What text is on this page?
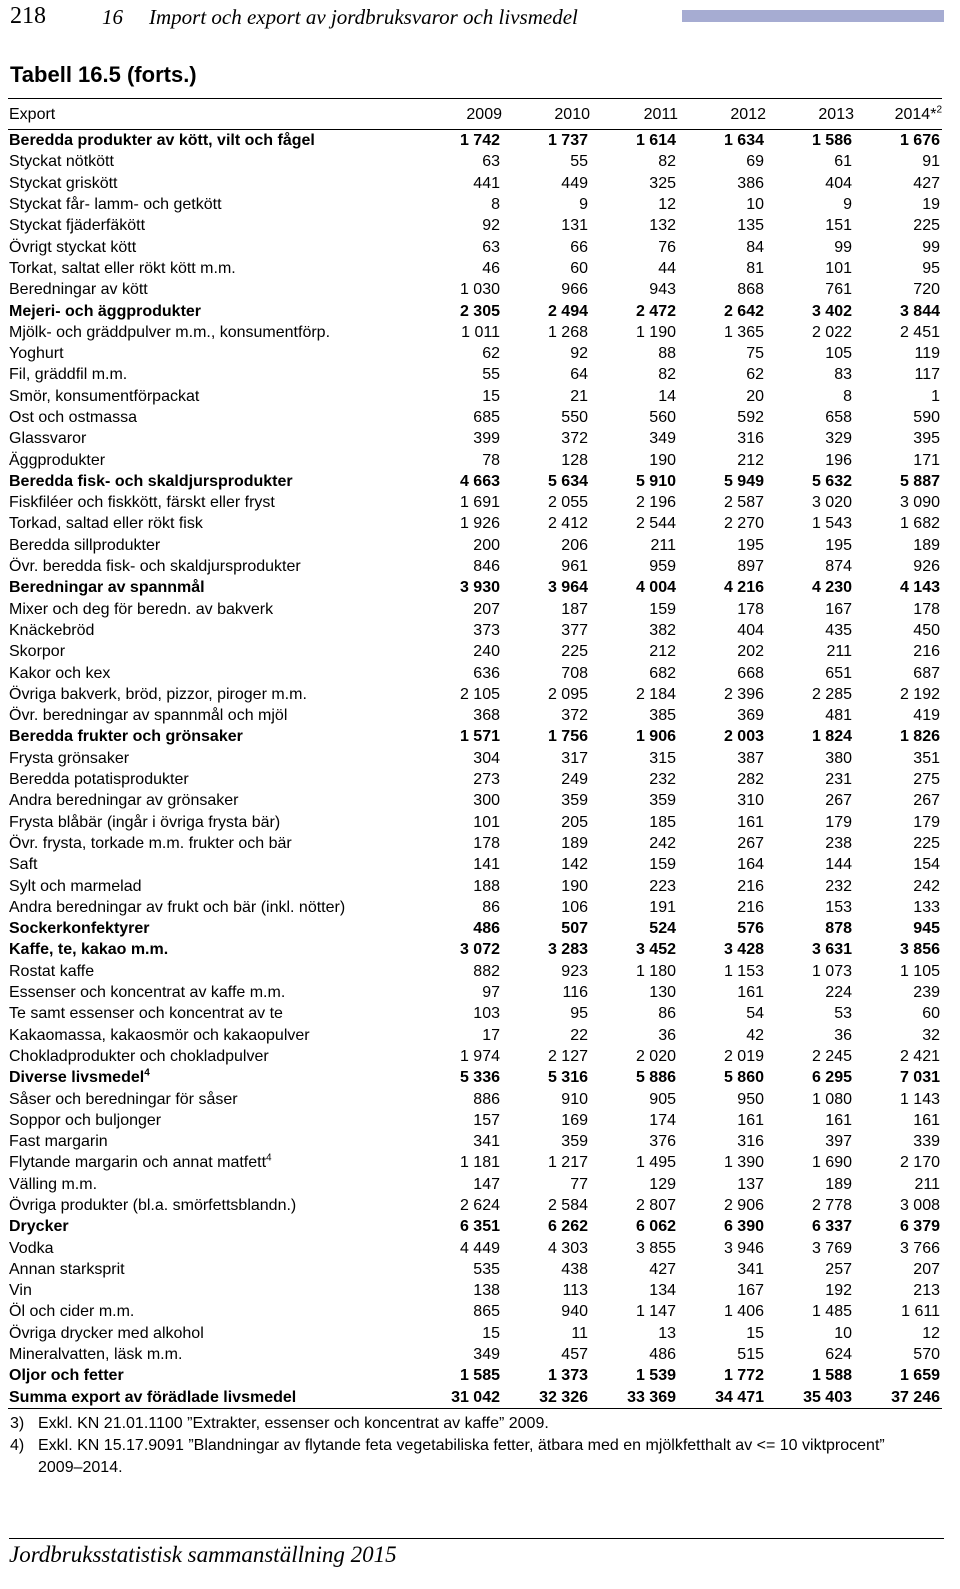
218	16 Import och export av jordbruksvaror och livsmedel
Tabell 16.5 (forts.)
Export	2009	2010	2011	2012	2013	2014*$^2$
Beredda produkter av kött, vilt och fågel	1 742	1 737	1 614	1 634	1 586	1 676
Styckat nötkött	63	55	82	69	61	91
Styckat griskött	441	449	325	386	404	427
Styckat får- lamm- och getkött	8	9	12	10	9	19
Styckat fjäderfäkött	92	131	132	135	151	225
Övrigt styckat kött	63	66	76	84	99	99
Torkat, saltat eller rökt kött m.m.	46	60	44	81	101	95
Beredningar av kött	1 030	966	943	868	761	720
Mejeri- och äggprodukter	2 305	2 494	2 472	2 642	3 402	3 844
Mjölk- och gräddpulver m.m., konsumentförp.	1 011	1 268	1 190	1 365	2 022	2 451
Yoghurt	62	92	88	75	105	119
Fil, gräddfil m.m.	55	64	82	62	83	117
Smör, konsumentförpackat	15	21	14	20	8	1
Ost och ostmassa	685	550	560	592	658	590
Glassvaror	399	372	349	316	329	395
Äggprodukter	78	128	190	212	196	171
Beredda fisk- och skaldjursprodukter	4 663	5 634	5 910	5 949	5 632	5 887
Fiskfiléer och fiskkött, färskt eller fryst	1 691	2 055	2 196	2 587	3 020	3 090
Torkad, saltad eller rökt fisk	1 926	2 412	2 544	2 270	1 543	1 682
Beredda sillprodukter	200	206	211	195	195	189
Övr. beredda fisk- och skaldjursprodukter	846	961	959	897	874	926
Beredningar av spannmål	3 930	3 964	4 004	4 216	4 230	4 143
Mixer och deg för beredn. av bakverk	207	187	159	178	167	178
Knäckebröd	373	377	382	404	435	450
Skorpor	240	225	212	202	211	216
Kakor och kex	636	708	682	668	651	687
Övriga bakverk, bröd, pizzor, piroger m.m.	2 105	2 095	2 184	2 396	2 285	2 192
Övr. beredningar av spannmål och mjöl	368	372	385	369	481	419
Beredda frukter och grönsaker	1 571	1 756	1 906	2 003	1 824	1 826
Frysta grönsaker	304	317	315	387	380	351
Beredda potatisprodukter	273	249	232	282	231	275
Andra beredningar av grönsaker	300	359	359	310	267	267
Frysta blåbär (ingår i övriga frysta bär)	101	205	185	161	179	179
Övr. frysta, torkade m.m. frukter och bär	178	189	242	267	238	225
Saft	141	142	159	164	144	154
Sylt och marmelad	188	190	223	216	232	242
Andra beredningar av frukt och bär (inkl. nötter)	86	106	191	216	153	133
Sockerkonfektyrer	486	507	524	576	878	945
Kaffe, te, kakao m.m.	3 072	3 283	3 452	3 428	3 631	3 856
Rostat kaffe	882	923	1 180	1 153	1 073	1 105
Essenser och koncentrat av kaffe m.m.	97	116	130	161	224	239
Te samt essenser och koncentrat av te	103	95	86	54	53	60
Kakaomassa, kakaosmör och kakaopulver	17	22	36	42	36	32
Chokladprodukter och chokladpulver	1 974	2 127	2 020	2 019	2 245	2 421
Diverse livsmedel$^4$	5 336	5 316	5 886	5 860	6 295	7 031
Såser och beredningar för såser	886	910	905	950	1 080	1 143
Soppor och buljonger	157	169	174	161	161	161
Fast margarin	341	359	376	316	397	339
Flytande margarin och annat matfett$^4$	1 181	1 217	1 495	1 390	1 690	2 170
Välling m.m.	147	77	129	137	189	211
Övriga produkter (bl.a. smörfettsblandn.)	2 624	2 584	2 807	2 906	2 778	3 008
Drycker	6 351	6 262	6 062	6 390	6 337	6 379
Vodka	4 449	4 303	3 855	3 946	3 769	3 766
Annan starksprit	535	438	427	341	257	207
Vin	138	113	134	167	192	213
Öl och cider m.m.	865	940	1 147	1 406	1 485	1 611
Övriga drycker med alkohol	15	11	13	15	10	12
Mineralvatten, läsk m.m.	349	457	486	515	624	570
Oljor och fetter	1 585	1 373	1 539	1 772	1 588	1 659
Summa export av förädlade livsmedel	31 042	32 326	33 369	34 471	35 403	37 246
3) Exkl. KN 21.01.1100 ”Extrakter, essenser och koncentrat av kaffe” 2009.
4) Exkl. KN 15.17.9091 ”Blandningar av flytande feta vegetabiliska fetter, ätbara med en mjölkfetthalt av <= 10 viktprocent” 2009–2014.
Jordbruksstatistisk sammanställning 2015
